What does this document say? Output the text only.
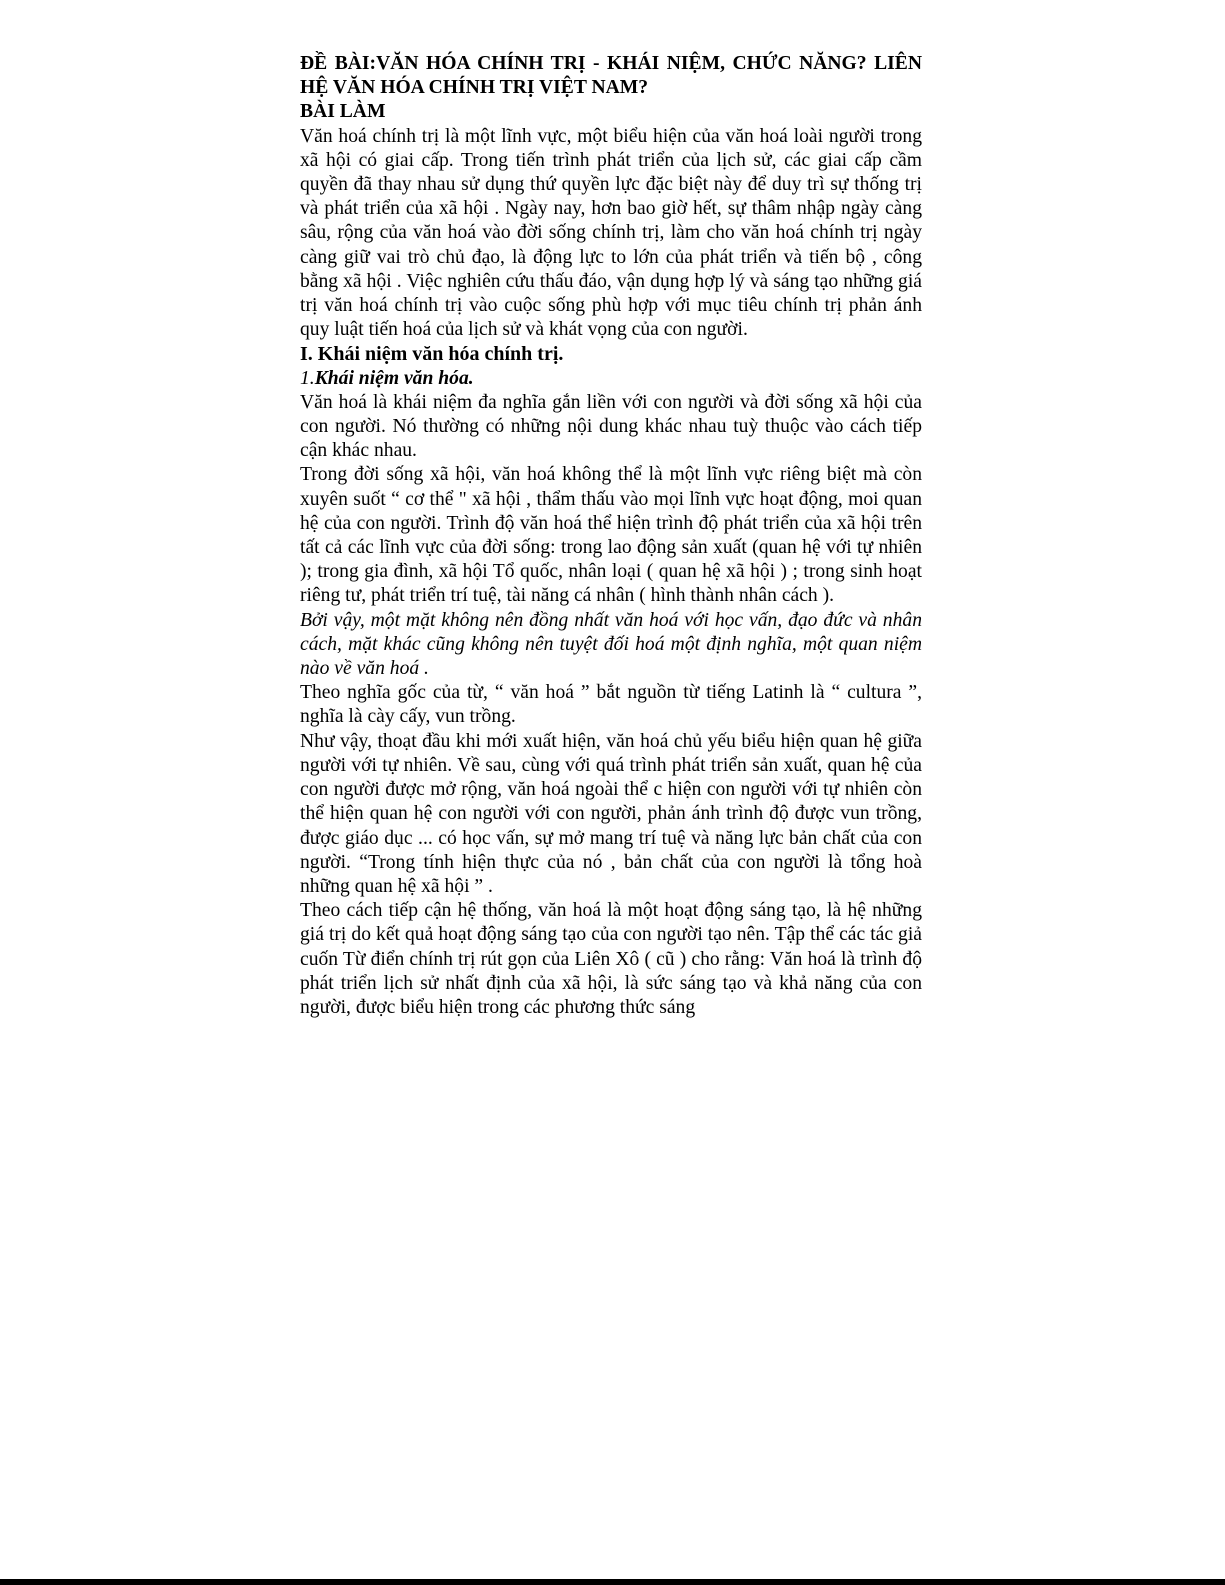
ĐỀ BÀI:VĂN HÓA CHÍNH TRỊ - KHÁI NIỆM, CHỨC NĂNG? LIÊN HỆ VĂN HÓA CHÍNH TRỊ VIỆT NAM?

BÀI LÀM

Văn hoá chính trị là một lĩnh vực, một biểu hiện của văn hoá loài người trong xã hội có giai cấp. Trong tiến trình phát triển của lịch sử, các giai cấp cầm quyền đã thay nhau sử dụng thứ quyền lực đặc biệt này để duy trì sự thống trị và phát triển của xã hội . Ngày nay, hơn bao giờ hết, sự thâm nhập ngày càng sâu, rộng của văn hoá vào đời sống chính trị, làm cho văn hoá chính trị ngày càng giữ vai trò chủ đạo, là động lực to lớn của phát triển và tiến bộ , công bằng xã hội . Việc nghiên cứu thấu đáo, vận dụng hợp lý và sáng tạo những giá trị văn hoá chính trị vào cuộc sống phù hợp với mục tiêu chính trị phản ánh quy luật tiến hoá của lịch sử và khát vọng của con người.

I. Khái niệm văn hóa chính trị.

1.Khái niệm văn hóa.

Văn hoá là khái niệm đa nghĩa gắn liền với con người và đời sống xã hội của con người. Nó thường có những nội dung khác nhau tuỳ thuộc vào cách tiếp cận khác nhau.

Trong đời sống xã hội, văn hoá không thể là một lĩnh vực riêng biệt mà còn xuyên suốt “ cơ thể " xã hội , thẩm thấu vào mọi lĩnh vực hoạt động, moi quan hệ của con người. Trình độ văn hoá thể hiện trình độ phát triển của xã hội trên tất cả các lĩnh vực của đời sống: trong lao động sản xuất (quan hệ với tự nhiên ); trong gia đình, xã hội Tổ quốc, nhân loại ( quan hệ xã hội ) ; trong sinh hoạt riêng tư, phát triển trí tuệ, tài năng cá nhân ( hình thành nhân cách ).

Bởi vậy, một mặt không nên đồng nhất văn hoá với học vấn, đạo đức và nhân cách, mặt khác cũng không nên tuyệt đối hoá một định nghĩa, một quan niệm nào về văn hoá .

Theo nghĩa gốc của từ, “ văn hoá ” bắt nguồn từ tiếng Latinh là “ cultura ”, nghĩa là cày cấy, vun trồng.

Như vậy, thoạt đầu khi mới xuất hiện, văn hoá chủ yếu biểu hiện quan hệ giữa người với tự nhiên. Về sau, cùng với quá trình phát triển sản xuất, quan hệ của con người được mở rộng, văn hoá ngoài thể c hiện con người với tự nhiên còn thể hiện quan hệ con người với con người, phản ánh trình độ được vun trồng, được giáo dục ... có học vấn, sự mở mang trí tuệ và năng lực bản chất của con người. “Trong tính hiện thực của nó , bản chất của con người là tổng hoà những quan hệ xã hội ” .

Theo cách tiếp cận hệ thống, văn hoá là một hoạt động sáng tạo, là hệ những giá trị do kết quả hoạt động sáng tạo của con người tạo nên. Tập thể các tác giả cuốn Từ điển chính trị rút gọn của Liên Xô ( cũ ) cho rằng: Văn hoá là trình độ phát triển lịch sử nhất định của xã hội, là sức sáng tạo và khả năng của con người, được biểu hiện trong các phương thức sáng
